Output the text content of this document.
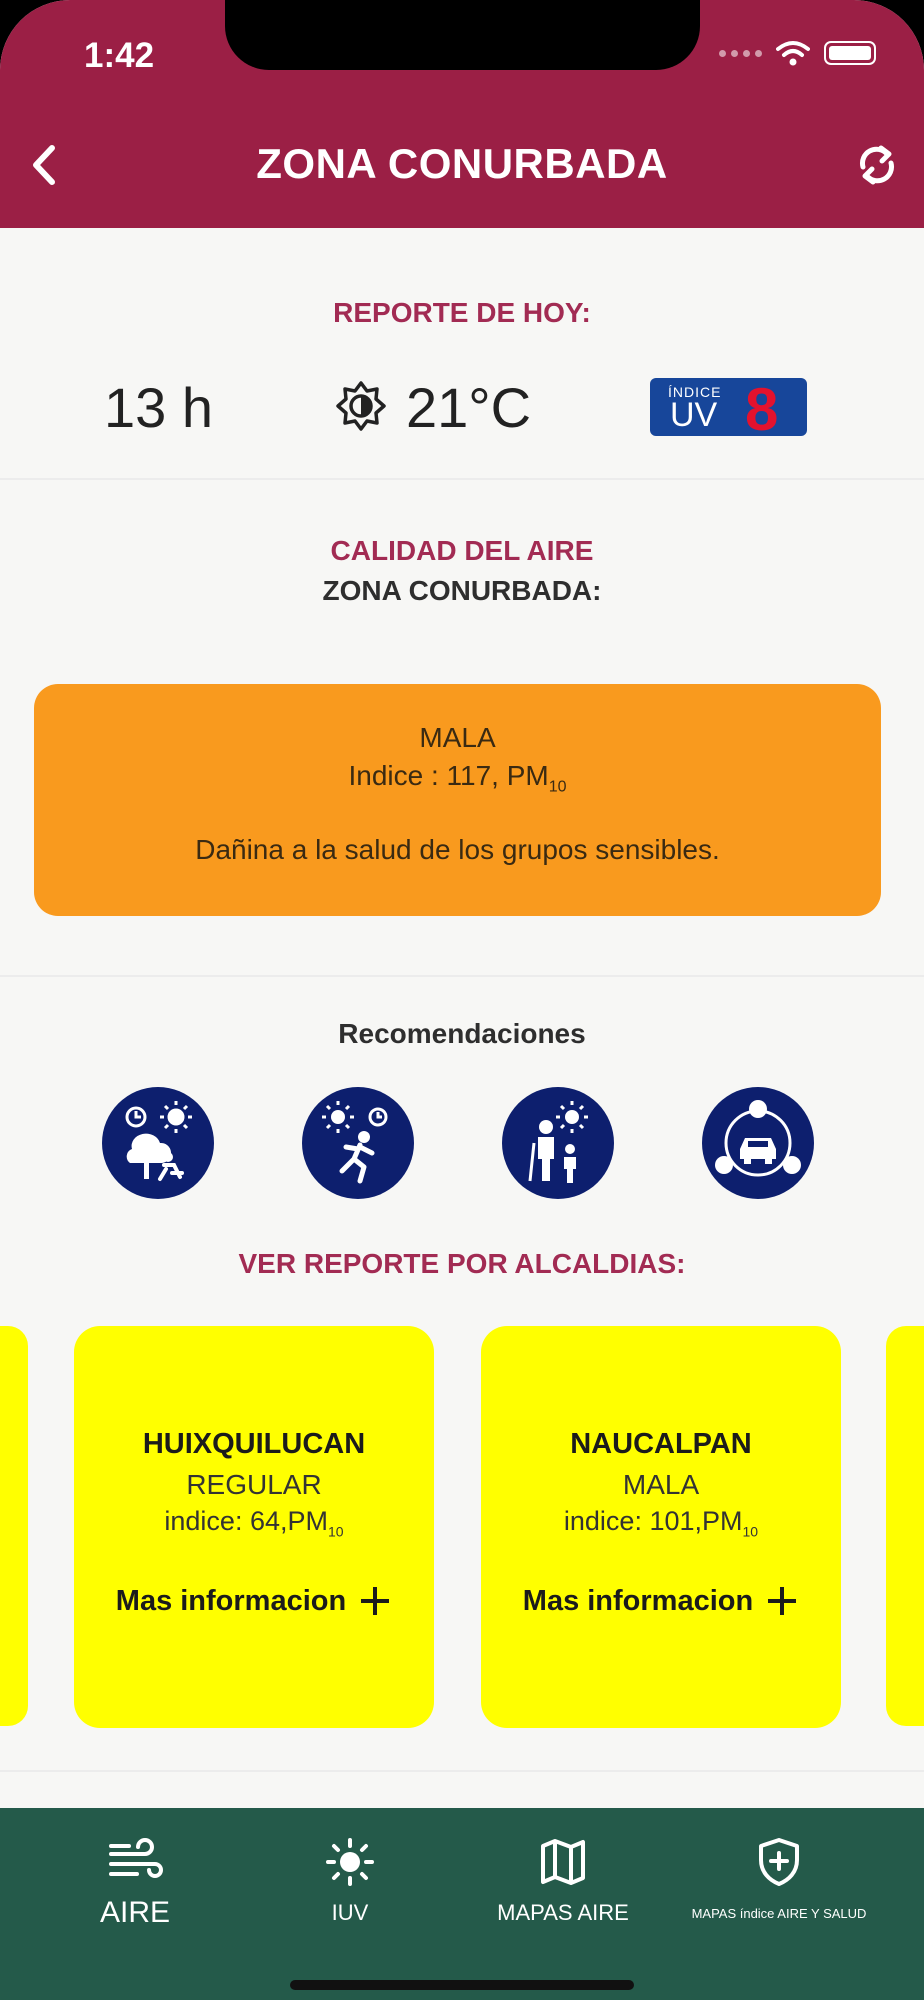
1:42
ZONA CONURBADA
REPORTE DE HOY:
13 h	21°C	ÍNDICE
UV 8
CALIDAD DEL AIRE
ZONA CONURBADA:
MALA
Indice : 117, $PM_{10}$
Dañina a la salud de los grupos sensibles.
Recomendaciones
VER REPORTE POR ALCALDIAS:
HUIXQUILUCAN
REGULAR
indice: $64,PM_{10}$
Mas informacion
NAUCALPAN
MALA
indice: $101,PM_{10}$
Mas informacion
AIRE	IUV	MAPAS AIRE	MAPAS índice AIRE Y SALUD
